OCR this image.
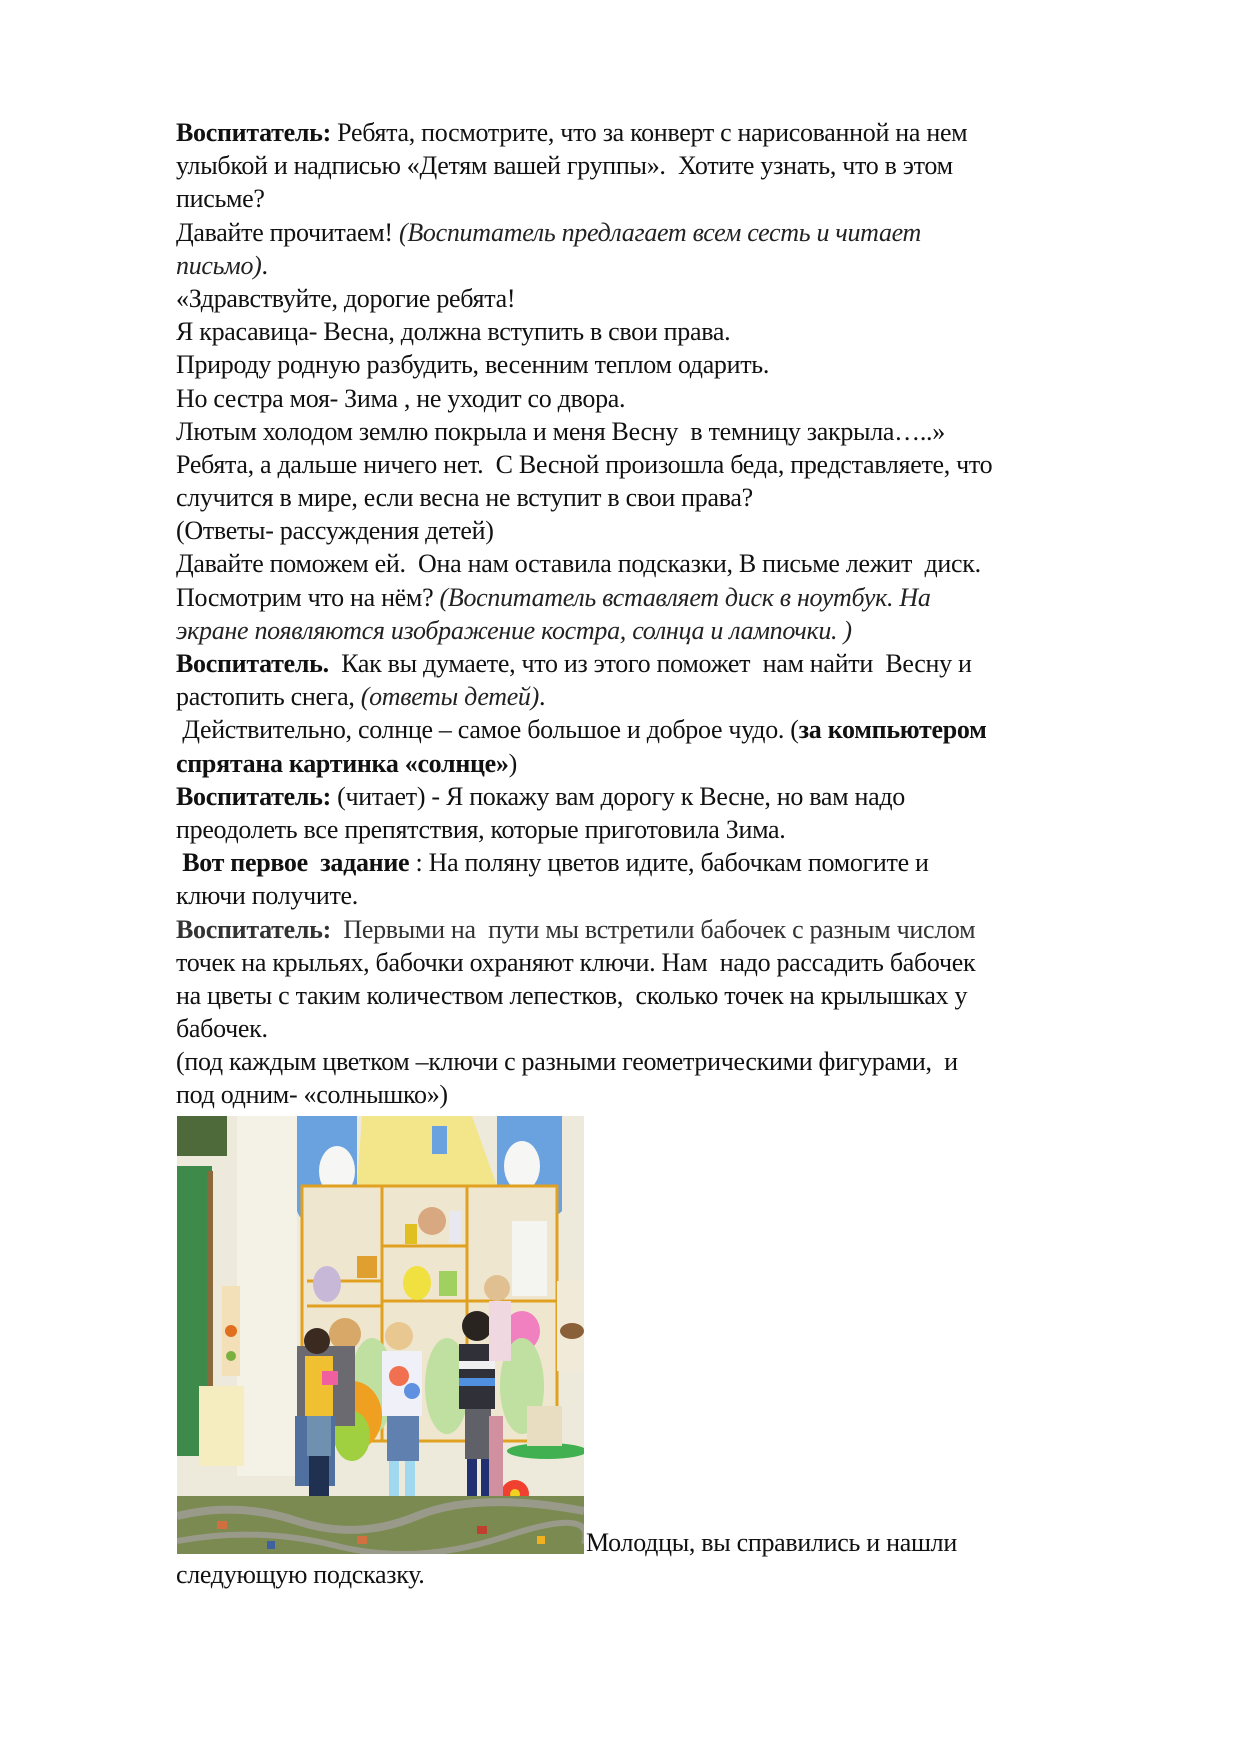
Воспитатель: Ребята, посмотрите, что за конверт с нарисованной на нем
улыбкой и надписью «Детям вашей группы».  Хотите узнать, что в этом
письме?
Давайте прочитаем! (Воспитатель предлагает всем сесть и читает
письмо).
«Здравствуйте, дорогие ребята!
Я красавица- Весна, должна вступить в свои права.
Природу родную разбудить, весенним теплом одарить.
Но сестра моя- Зима , не уходит со двора.
Лютым холодом землю покрыла и меня Весну  в темницу закрыла…..»
Ребята, а дальше ничего нет.  С Весной произошла беда, представляете, что
случится в мире, если весна не вступит в свои права?
(Ответы- рассуждения детей)
Давайте поможем ей.  Она нам оставила подсказки, В письме лежит  диск.
Посмотрим что на нём? (Воспитатель вставляет диск в ноутбук. На
экране появляются изображение костра, солнца и лампочки. )
Воспитатель.  Как вы думаете, что из этого поможет  нам найти  Весну и
растопить снега, (ответы детей).
Действительно, солнце – самое большое и доброе чудо. (за компьютером
спрятана картинка «солнце»)
Воспитатель: (читает) - Я покажу вам дорогу к Весне, но вам надо
преодолеть все препятствия, которые приготовила Зима.
Вот первое  задание : На поляну цветов идите, бабочкам помогите и
ключи получите.
Воспитатель:  Первыми на  пути мы встретили бабочек с разным числом
точек на крыльях, бабочки охраняют ключи. Нам  надо рассадить бабочек
на цветы с таким количеством лепестков,  сколько точек на крылышках у
бабочек.
(под каждым цветком –ключи с разными геометрическими фигурами,  и
под одним- «солнышко»)
Молодцы, вы справились и нашли
следующую подсказку.
